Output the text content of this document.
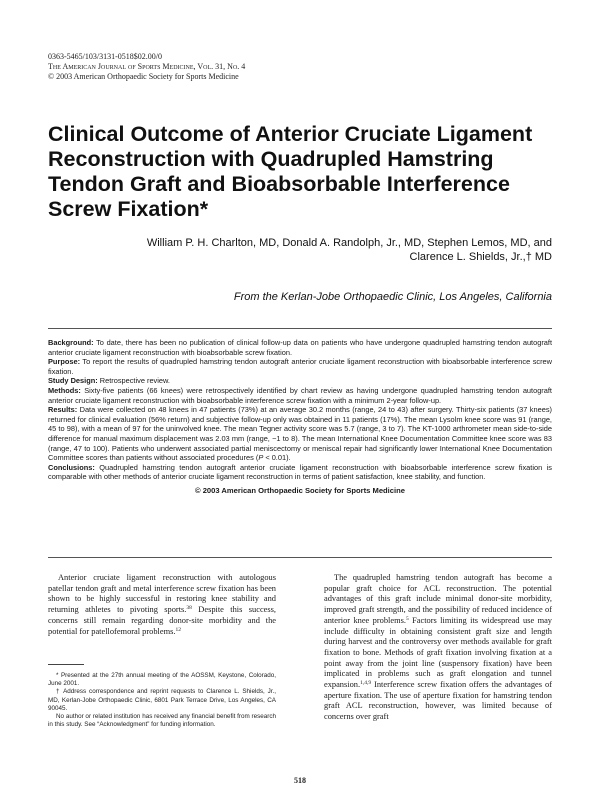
0363-5465/103/3131-0518$02.00/0
The American Journal of Sports Medicine, Vol. 31, No. 4
© 2003 American Orthopaedic Society for Sports Medicine
Clinical Outcome of Anterior Cruciate Ligament Reconstruction with Quadrupled Hamstring Tendon Graft and Bioabsorbable Interference Screw Fixation*
William P. H. Charlton, MD, Donald A. Randolph, Jr., MD, Stephen Lemos, MD, and
Clarence L. Shields, Jr.,† MD
From the Kerlan-Jobe Orthopaedic Clinic, Los Angeles, California

Background: To date, there has been no publication of clinical follow-up data on patients who have undergone quadrupled hamstring tendon autograft anterior cruciate ligament reconstruction with bioabsorbable screw fixation.

Purpose: To report the results of quadrupled hamstring tendon autograft anterior cruciate ligament reconstruction with bioabsorbable interference screw fixation.

Study Design: Retrospective review.

Methods: Sixty-five patients (66 knees) were retrospectively identified by chart review as having undergone quadrupled hamstring tendon autograft anterior cruciate ligament reconstruction with bioabsorbable interference screw fixation with a minimum 2-year follow-up.

Results: Data were collected on 48 knees in 47 patients (73%) at an average 30.2 months (range, 24 to 43) after surgery. Thirty-six patients (37 knees) returned for clinical evaluation (56% return) and subjective follow-up only was obtained in 11 patients (17%). The mean Lysolm knee score was 91 (range, 45 to 98), with a mean of 97 for the uninvolved knee. The mean Tegner activity score was 5.7 (range, 3 to 7). The KT-1000 arthrometer mean side-to-side difference for manual maximum displacement was 2.03 mm (range, −1 to 8). The mean International Knee Documentation Committee knee score was 83 (range, 47 to 100). Patients who underwent associated partial meniscectomy or meniscal repair had significantly lower International Knee Documentation Committee scores than patients without associated procedures (P < 0.01).

Conclusions: Quadrupled hamstring tendon autograft anterior cruciate ligament reconstruction with bioabsorbable interference screw fixation is comparable with other methods of anterior cruciate ligament reconstruction in terms of patient satisfaction, knee stability, and function.

© 2003 American Orthopaedic Society for Sports Medicine

Anterior cruciate ligament reconstruction with autologous patellar tendon graft and metal interference screw fixation has been shown to be highly successful in restoring knee stability and returning athletes to pivoting sports.$^{38}$ Despite this success, concerns still remain regarding donor-site morbidity and the potential for patellofemoral problems.$^{12}$

* Presented at the 27th annual meeting of the AOSSM, Keystone, Colorado, June 2001.

† Address correspondence and reprint requests to Clarence L. Shields, Jr., MD, Kerlan-Jobe Orthopaedic Clinic, 6801 Park Terrace Drive, Los Angeles, CA 90045.

No author or related institution has received any financial benefit from research in this study. See “Acknowledgment” for funding information.

The quadrupled hamstring tendon autograft has become a popular graft choice for ACL reconstruction. The potential advantages of this graft include minimal donor-site morbidity, improved graft strength, and the possibility of reduced incidence of anterior knee problems.$^5$ Factors limiting its widespread use may include difficulty in obtaining consistent graft size and length during harvest and the controversy over methods available for graft fixation to bone. Methods of graft fixation involving fixation at a point away from the joint line (suspensory fixation) have been implicated in problems such as graft elongation and tunnel expansion.$^{1,4,9}$ Interference screw fixation offers the advantages of aperture fixation. The use of aperture fixation for hamstring tendon graft ACL reconstruction, however, was limited because of concerns over graft

518
